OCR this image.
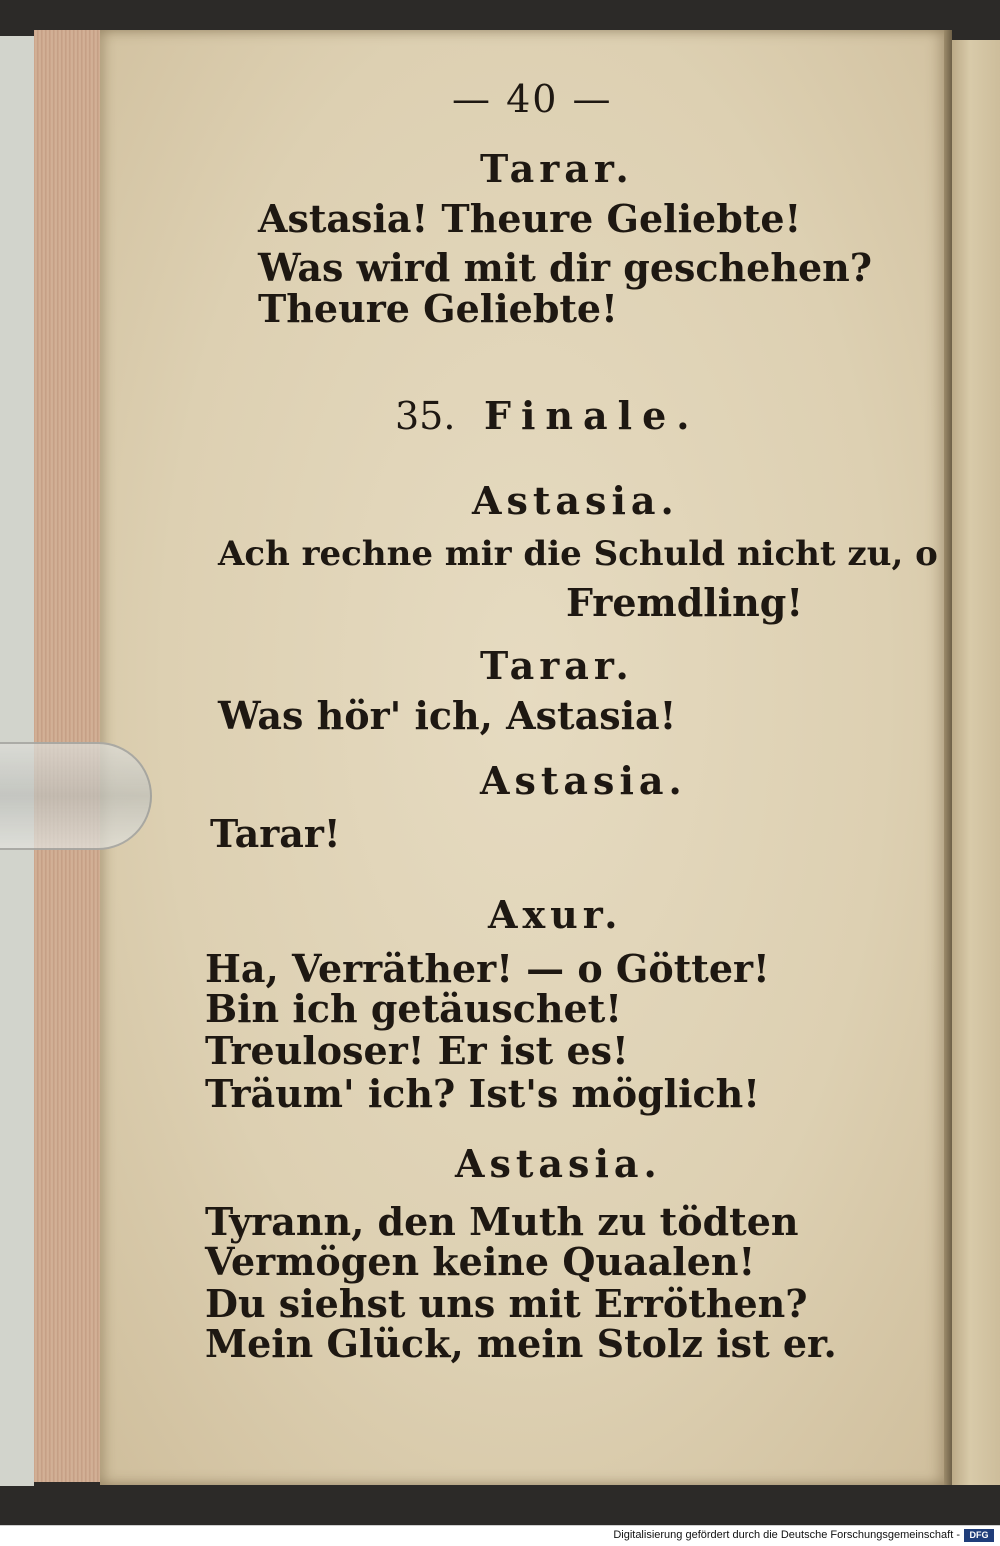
— 40 —
Tarar.
Astasia! Theure Geliebte!
Was wird mit dir geschehen?
Theure Geliebte!
35. Finale.
Astasia.
Ach rechne mir die Schuld nicht zu, o
Fremdling!
Tarar.
Was hör' ich, Astasia!
Astasia.
Tarar!
Axur.
Ha, Verräther! — o Götter!
Bin ich getäuschet!
Treuloser! Er ist es!
Träum' ich? Ist's möglich!
Astasia.
Tyrann, den Muth zu tödten
Vermögen keine Quaalen!
Du siehst uns mit Erröthen?
Mein Glück, mein Stolz ist er.
Digitalisierung gefördert durch die Deutsche Forschungsgemeinschaft -	DFG
